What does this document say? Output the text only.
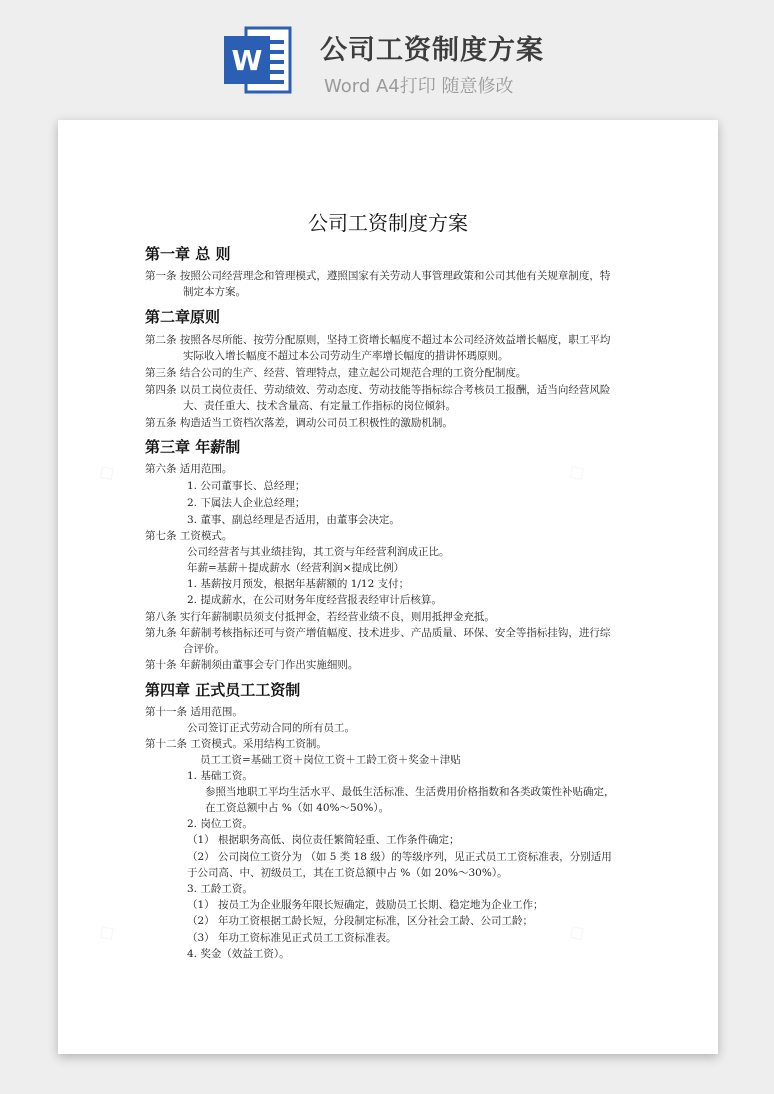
W 公司工资制度方案
Word A4打印 随意修改
公司工资制度方案
第一章 总 则
第一条 按照公司经营理念和管理模式，遵照国家有关劳动人事管理政策和公司其他有关规章制度，特
制定本方案。
第二章原则
第二条 按照各尽所能、按劳分配原则，坚持工资增长幅度不超过本公司经济效益增长幅度，职工平均
实际收入增长幅度不超过本公司劳动生产率增长幅度的措讲怀瑪原则。
第三条 结合公司的生产、经营、管理特点，建立起公司规范合理的工资分配制度。
第四条 以员工岗位责任、劳动绩效、劳动态度、劳动技能等指标综合考核员工报酬，适当向经营风险
大、责任重大、技术含量高、有定量工作指标的岗位倾斜。
第五条 构造适当工资档次落差，调动公司员工积极性的激励机制。
第三章 年薪制
第六条 适用范围。
1. 公司董事长、总经理；
2. 下属法人企业总经理；
3. 董事、副总经理是否适用，由董事会决定。
第七条 工资模式。
公司经营者与其业绩挂钩，其工资与年经营利润成正比。
年薪=基薪＋提成薪水（经营利润×提成比例）
1. 基薪按月预发，根据年基薪额的 1/12 支付；
2. 提成薪水，在公司财务年度经营报表经审计后核算。
第八条 实行年薪制职员须支付抵押金，若经营业绩不良，则用抵押金充抵。
第九条 年薪制考核指标还可与资产增值幅度、技术进步、产品质量、环保、安全等指标挂钩，进行综
合评价。
第十条 年薪制须由董事会专门作出实施细则。
第四章 正式员工工资制
第十一条 适用范围。
公司签订正式劳动合同的所有员工。
第十二条 工资模式。采用结构工资制。
员工工资=基础工资＋岗位工资＋工龄工资＋奖金＋津贴
1. 基础工资。
参照当地职工平均生活水平、最低生活标准、生活费用价格指数和各类政策性补贴确定，
在工资总额中占 %（如 40%～50%）。
2. 岗位工资。
（1） 根据职务高低、岗位责任繁简轻重、工作条件确定；
（2） 公司岗位工资分为 （如 5 类 18 级）的等级序列，见正式员工工资标准表，分别适用
于公司高、中、初级员工，其在工资总额中占 %（如 20%～30%）。
3. 工龄工资。
（1） 按员工为企业服务年限长短确定，鼓励员工长期、稳定地为企业工作；
（2） 年功工资根据工龄长短，分段制定标准，区分社会工龄、公司工龄；
（3） 年功工资标准见正式员工工资标准表。
4. 奖金（效益工资）。
